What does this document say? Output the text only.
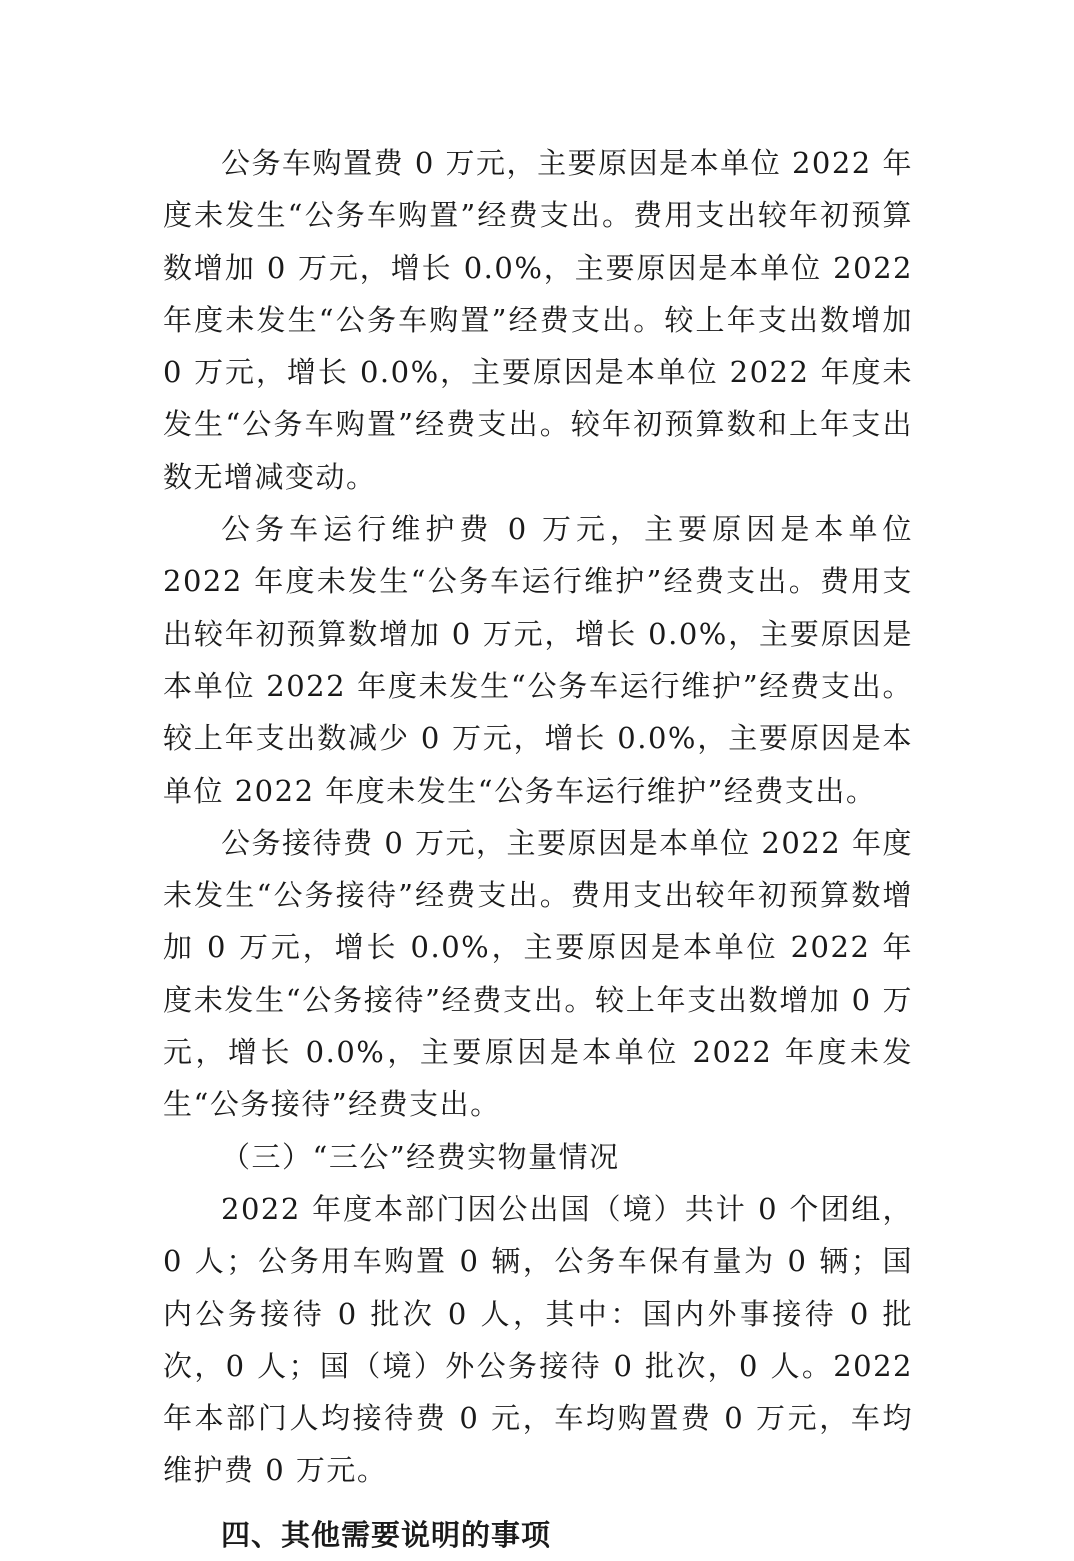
公务车购置费 0 万元，主要原因是本单位 2022 年度未发生“公务车购置”经费支出。费用支出较年初预算数增加 0 万元，增长 0.0%，主要原因是本单位 2022 年度未发生“公务车购置”经费支出。较上年支出数增加 0 万元，增长 0.0%，主要原因是本单位 2022 年度未发生“公务车购置”经费支出。较年初预算数和上年支出数无增减变动。

公务车运行维护费 0 万元，主要原因是本单位 2022 年度未发生“公务车运行维护”经费支出。费用支出较年初预算数增加 0 万元，增长 0.0%，主要原因是本单位 2022 年度未发生“公务车运行维护”经费支出。较上年支出数减少 0 万元，增长 0.0%，主要原因是本单位 2022 年度未发生“公务车运行维护”经费支出。

公务接待费 0 万元，主要原因是本单位 2022 年度未发生“公务接待”经费支出。费用支出较年初预算数增加 0 万元，增长 0.0%，主要原因是本单位 2022 年度未发生“公务接待”经费支出。较上年支出数增加 0 万元，增长 0.0%，主要原因是本单位 2022 年度未发生“公务接待”经费支出。

（三）“三公”经费实物量情况

2022 年度本部门因公出国（境）共计 0 个团组，0 人；公务用车购置 0 辆，公务车保有量为 0 辆；国内公务接待 0 批次 0 人，其中：国内外事接待 0 批次，0 人；国（境）外公务接待 0 批次，0 人。2022 年本部门人均接待费 0 元，车均购置费 0 万元，车均维护费 0 万元。

四、其他需要说明的事项
